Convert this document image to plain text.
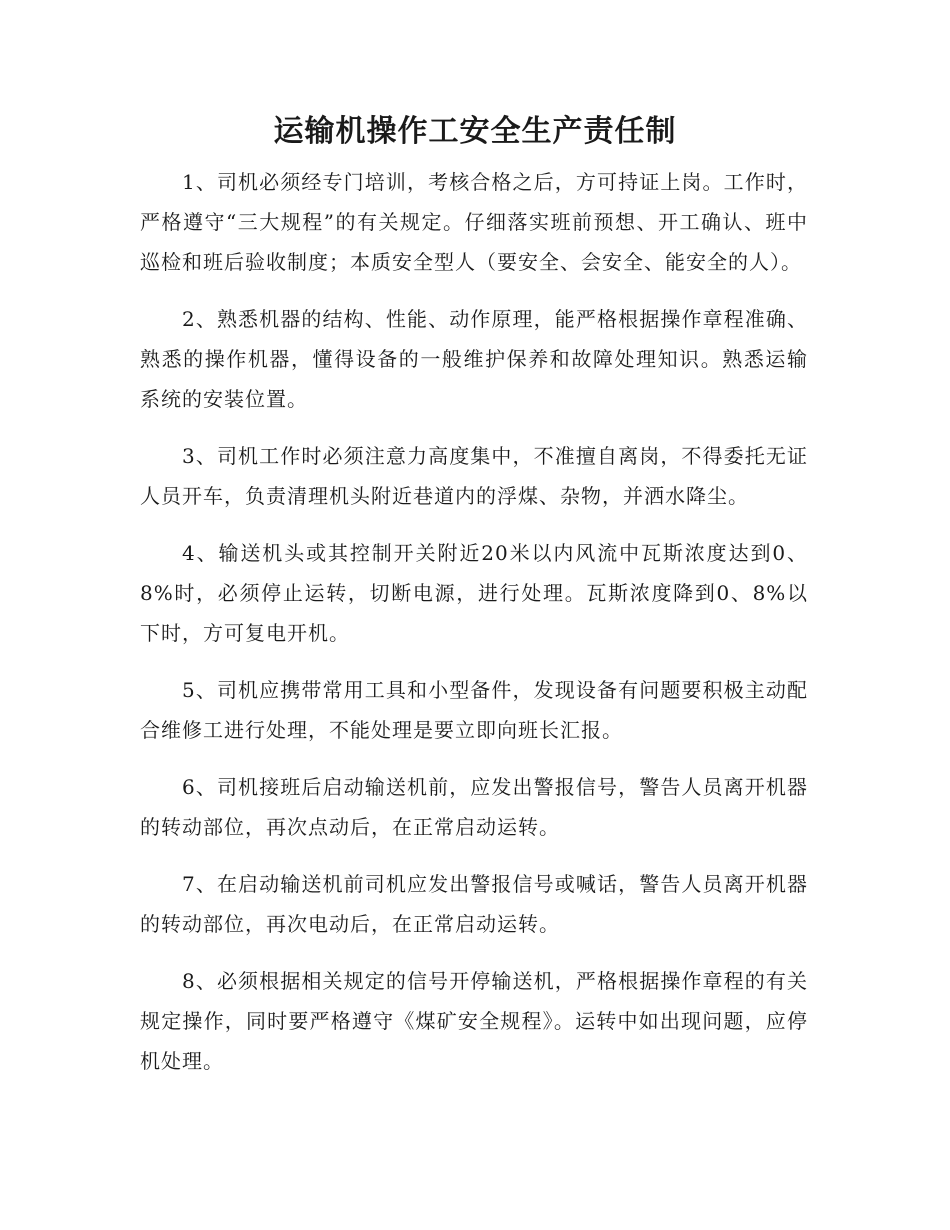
运输机操作工安全生产责任制

1、司机必须经专门培训，考核合格之后，方可持证上岗。工作时，严格遵守“三大规程”的有关规定。仔细落实班前预想、开工确认、班中巡检和班后验收制度；本质安全型人（要安全、会安全、能安全的人）。

2、熟悉机器的结构、性能、动作原理，能严格根据操作章程准确、熟悉的操作机器，懂得设备的一般维护保养和故障处理知识。熟悉运输系统的安装位置。

3、司机工作时必须注意力高度集中，不准擅自离岗，不得委托无证人员开车，负责清理机头附近巷道内的浮煤、杂物，并洒水降尘。

4、输送机头或其控制开关附近20米以内风流中瓦斯浓度达到0、8%时，必须停止运转，切断电源，进行处理。瓦斯浓度降到0、8%以下时，方可复电开机。

5、司机应携带常用工具和小型备件，发现设备有问题要积极主动配合维修工进行处理，不能处理是要立即向班长汇报。

6、司机接班后启动输送机前，应发出警报信号，警告人员离开机器的转动部位，再次点动后，在正常启动运转。

7、在启动输送机前司机应发出警报信号或喊话，警告人员离开机器的转动部位，再次电动后，在正常启动运转。

8、必须根据相关规定的信号开停输送机，严格根据操作章程的有关规定操作，同时要严格遵守《煤矿安全规程》。运转中如出现问题，应停机处理。
